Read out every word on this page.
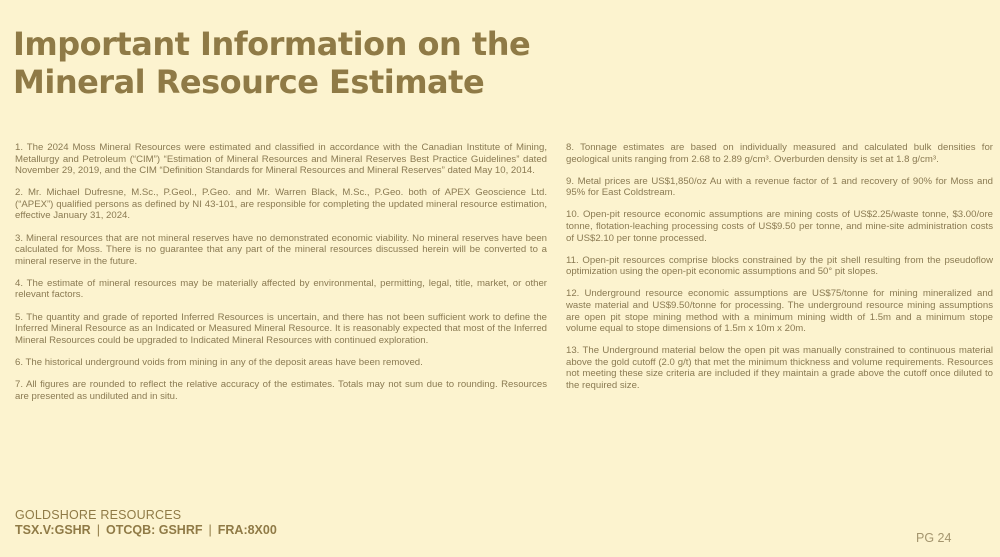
Important Information on the
Mineral Resource Estimate

1. The 2024 Moss Mineral Resources were estimated and classified in accordance with the Canadian Institute of Mining, Metallurgy and Petroleum (“CIM”) “Estimation of Mineral Resources and Mineral Reserves Best Practice Guidelines” dated November 29, 2019, and the CIM “Definition Standards for Mineral Resources and Mineral Reserves” dated May 10, 2014.

2. Mr. Michael Dufresne, M.Sc., P.Geol., P.Geo. and Mr. Warren Black, M.Sc., P.Geo. both of APEX Geoscience Ltd. (“APEX”) qualified persons as defined by NI 43-101, are responsible for completing the updated mineral resource estimation, effective January 31, 2024.

3. Mineral resources that are not mineral reserves have no demonstrated economic viability. No mineral reserves have been calculated for Moss. There is no guarantee that any part of the mineral resources discussed herein will be converted to a mineral reserve in the future.

4. The estimate of mineral resources may be materially affected by environmental, permitting, legal, title, market, or other relevant factors.

5. The quantity and grade of reported Inferred Resources is uncertain, and there has not been sufficient work to define the Inferred Mineral Resource as an Indicated or Measured Mineral Resource. It is reasonably expected that most of the Inferred Mineral Resources could be upgraded to Indicated Mineral Resources with continued exploration.

6. The historical underground voids from mining in any of the deposit areas have been removed.

7. All figures are rounded to reflect the relative accuracy of the estimates. Totals may not sum due to rounding. Resources are presented as undiluted and in situ.

8. Tonnage estimates are based on individually measured and calculated bulk densities for geological units ranging from 2.68 to 2.89 g/cm³. Overburden density is set at 1.8 g/cm³.

9. Metal prices are US$1,850/oz Au with a revenue factor of 1 and recovery of 90% for Moss and 95% for East Coldstream.

10. Open-pit resource economic assumptions are mining costs of US$2.25/waste tonne, $3.00/ore tonne, flotation-leaching processing costs of US$9.50 per tonne, and mine-site administration costs of US$2.10 per tonne processed.

11. Open-pit resources comprise blocks constrained by the pit shell resulting from the pseudoflow optimization using the open-pit economic assumptions and 50° pit slopes.

12. Underground resource economic assumptions are US$75/tonne for mining mineralized and waste material and US$9.50/tonne for processing. The underground resource mining assumptions are open pit stope mining method with a minimum mining width of 1.5m and a minimum stope volume equal to stope dimensions of 1.5m x 10m x 20m.

13. The Underground material below the open pit was manually constrained to continuous material above the gold cutoff (2.0 g/t) that met the minimum thickness and volume requirements. Resources not meeting these size criteria are included if they maintain a grade above the cutoff once diluted to the required size.

GOLDSHORE RESOURCES
TSX.V:GSHR | OTCQB: GSHRF | FRA:8X00
PG 24
